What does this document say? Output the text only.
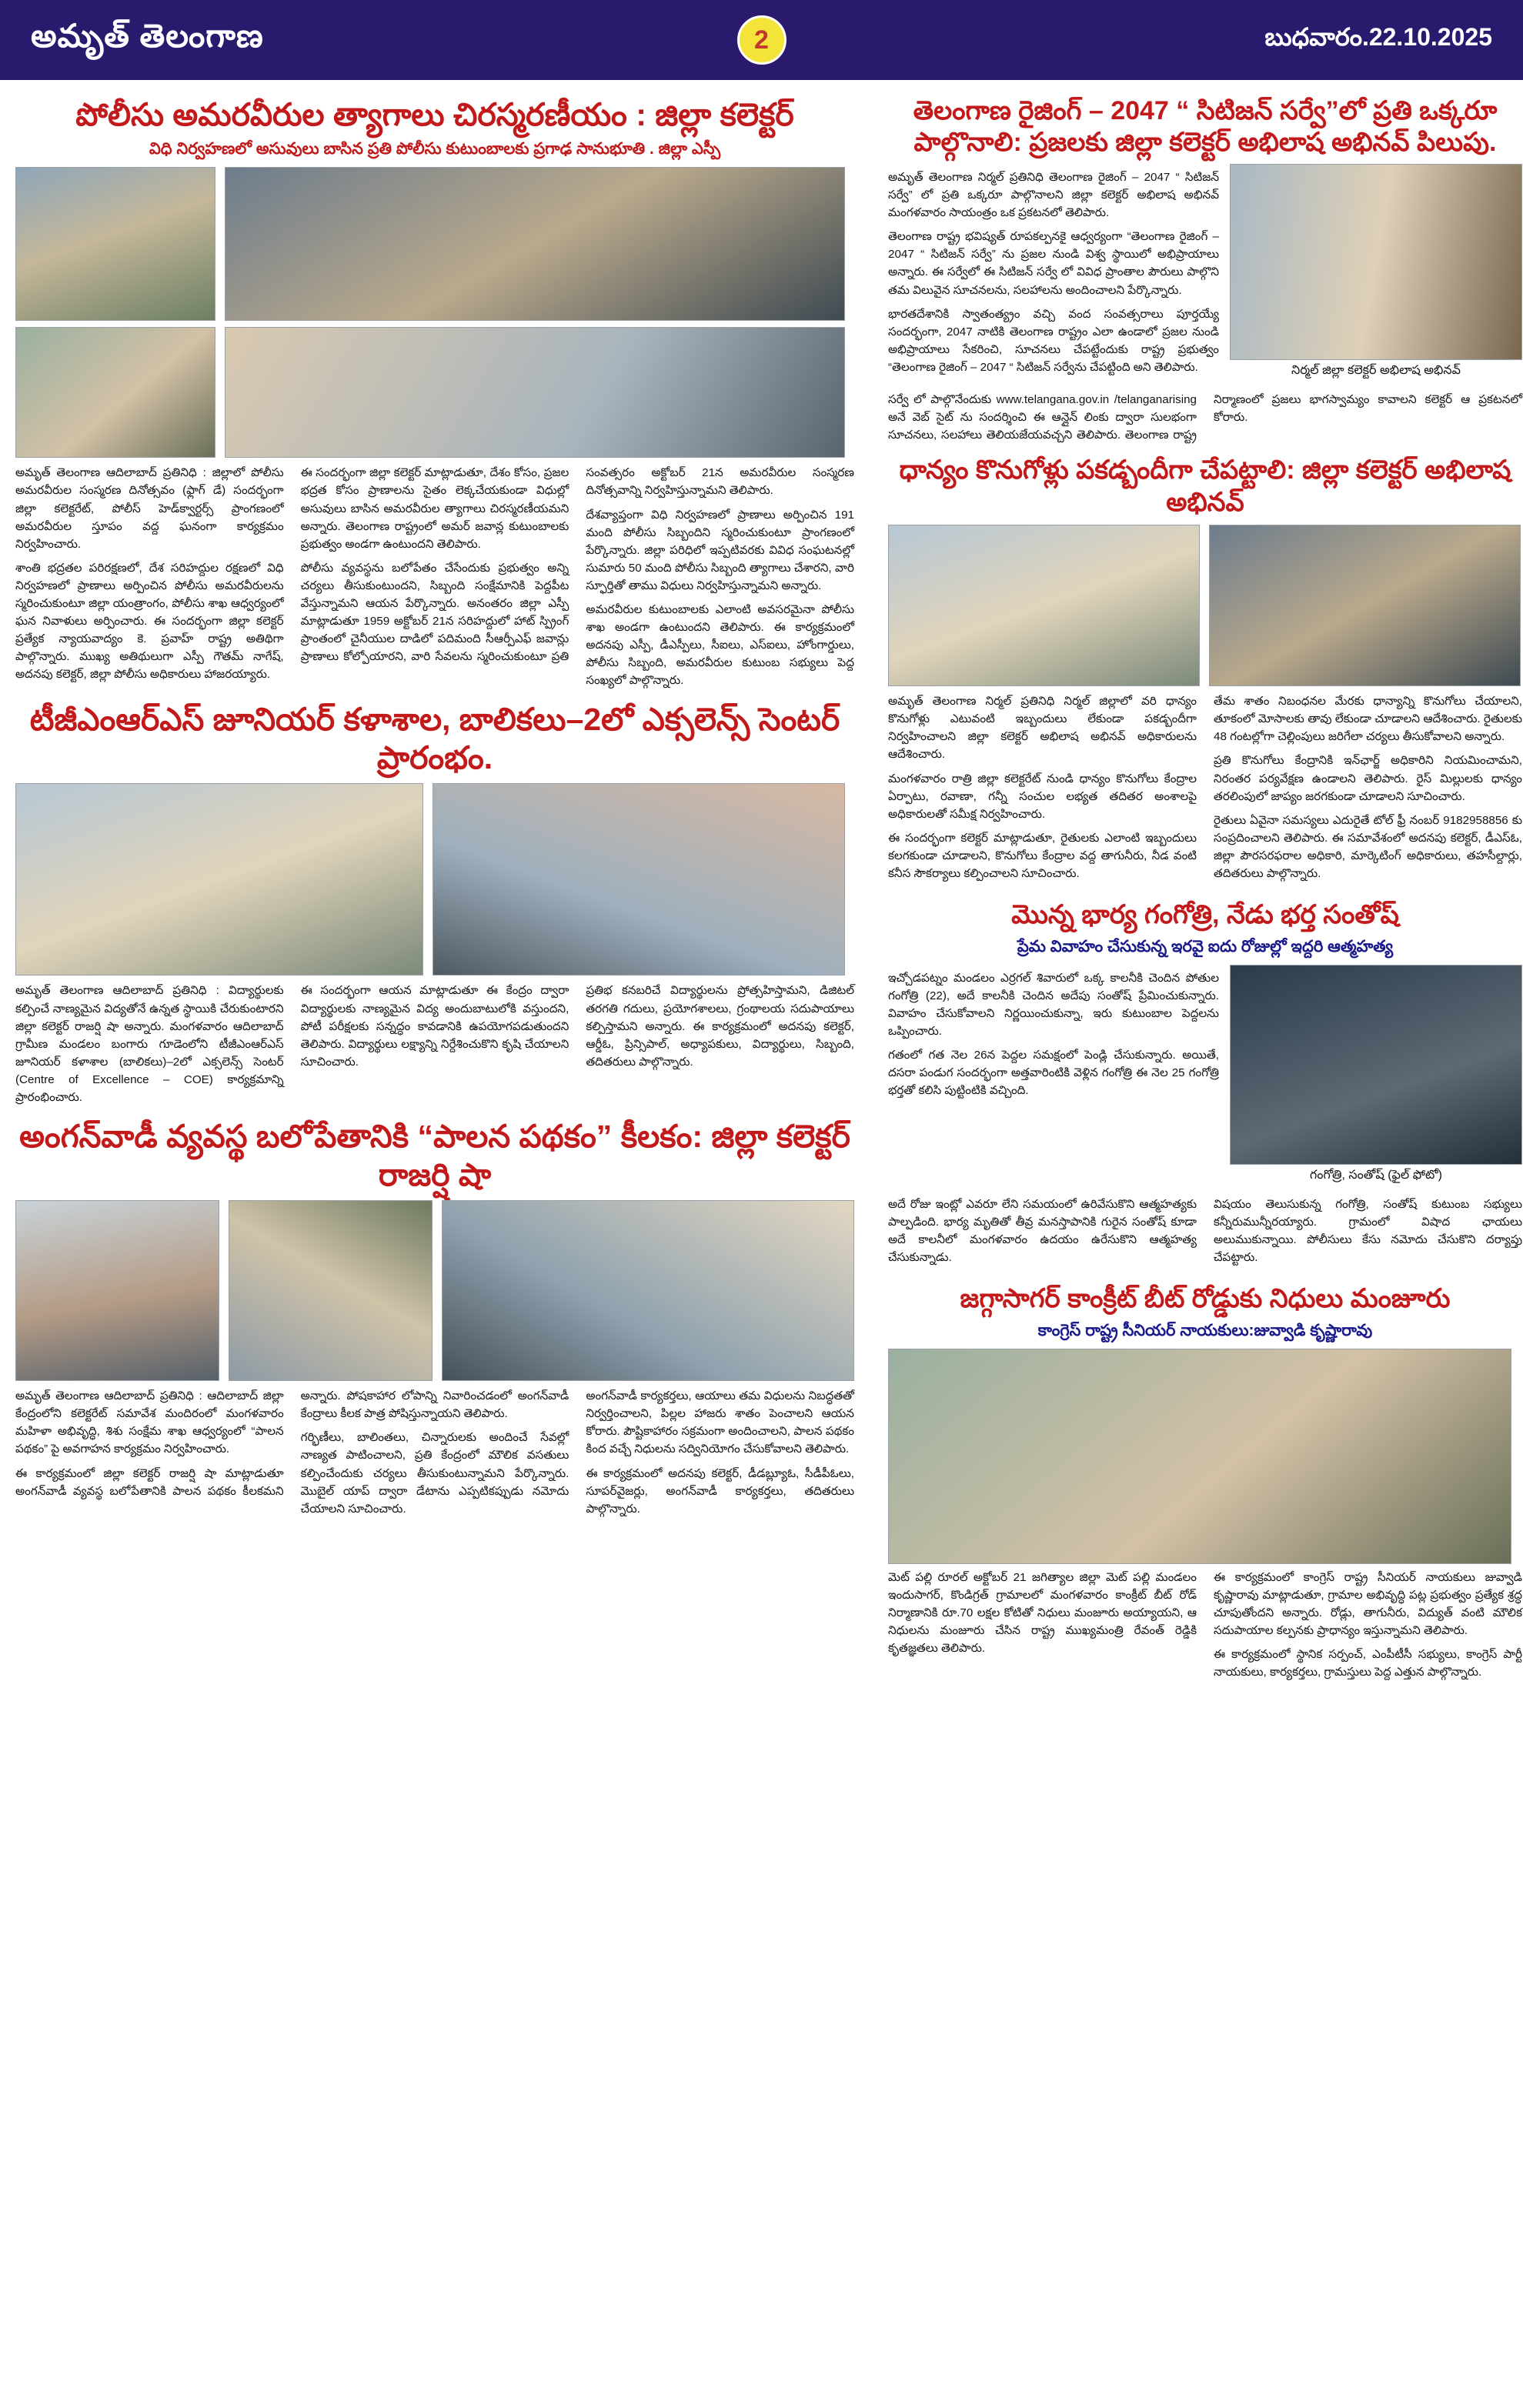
అమృత్ తెలంగాణ	2	బుధవారం.22.10.2025
పోలీసు అమరవీరుల త్యాగాలు చిరస్మరణీయం : జిల్లా కలెక్టర్
విధి నిర్వహణలో అసువులు బాసిన ప్రతి పోలీసు కుటుంబాలకు ప్రగాఢ సానుభూతి . జిల్లా ఎస్పీ

అమృత్ తెలంగాణ ఆదిలాబాద్ ప్రతినిధి : జిల్లాలో పోలీసు అమరవీరుల సంస్మరణ దినోత్సవం (ఫ్లాగ్ డే) సందర్భంగా జిల్లా కలెక్టరేట్, పోలీస్ హెడ్‌క్వార్టర్స్ ప్రాంగణంలో అమరవీరుల స్తూపం వద్ద ఘనంగా కార్యక్రమం నిర్వహించారు.

శాంతి భద్రతల పరిరక్షణలో, దేశ సరిహద్దుల రక్షణలో విధి నిర్వహణలో ప్రాణాలు అర్పించిన పోలీసు అమరవీరులను స్మరించుకుంటూ జిల్లా యంత్రాంగం, పోలీసు శాఖ ఆధ్వర్యంలో ఘన నివాళులు అర్పించారు. ఈ సందర్భంగా జిల్లా కలెక్టర్ ప్రత్యేక న్యాయవాద్యం కె. ప్రవాహ్ రాష్ట్ర అతిథిగా పాల్గొన్నారు. ముఖ్య అతిథులుగా ఎస్పీ గౌతమ్ నాగేష్, అదనపు కలెక్టర్, జిల్లా పోలీసు అధికారులు హాజరయ్యారు.

ఈ సందర్భంగా జిల్లా కలెక్టర్ మాట్లాడుతూ, దేశం కోసం, ప్రజల భద్రత కోసం ప్రాణాలను సైతం లెక్కచేయకుండా విధుల్లో అసువులు బాసిన అమరవీరుల త్యాగాలు చిరస్మరణీయమని అన్నారు. తెలంగాణ రాష్ట్రంలో అమర్ జవాన్ల కుటుంబాలకు ప్రభుత్వం అండగా ఉంటుందని తెలిపారు.

పోలీసు వ్యవస్థను బలోపేతం చేసేందుకు ప్రభుత్వం అన్ని చర్యలు తీసుకుంటుందని, సిబ్బంది సంక్షేమానికి పెద్దపీట వేస్తున్నామని ఆయన పేర్కొన్నారు. అనంతరం జిల్లా ఎస్పీ మాట్లాడుతూ 1959 అక్టోబర్ 21న సరిహద్దులో హాట్ స్ప్రింగ్ ప్రాంతంలో చైనీయుల దాడిలో పదిమంది సీఆర్పీఎఫ్ జవాన్లు ప్రాణాలు కోల్పోయారని, వారి సేవలను స్మరించుకుంటూ ప్రతి సంవత్సరం అక్టోబర్ 21న అమరవీరుల సంస్మరణ దినోత్సవాన్ని నిర్వహిస్తున్నామని తెలిపారు.

దేశవ్యాప్తంగా విధి నిర్వహణలో ప్రాణాలు అర్పించిన 191 మంది పోలీసు సిబ్బందిని స్మరించుకుంటూ ప్రాంగణంలో పేర్కొన్నారు. జిల్లా పరిధిలో ఇప్పటివరకు వివిధ సంఘటనల్లో సుమారు 50 మంది పోలీసు సిబ్బంది త్యాగాలు చేశారని, వారి స్ఫూర్తితో తాము విధులు నిర్వహిస్తున్నామని అన్నారు.

అమరవీరుల కుటుంబాలకు ఎలాంటి అవసరమైనా పోలీసు శాఖ అండగా ఉంటుందని తెలిపారు. ఈ కార్యక్రమంలో అదనపు ఎస్పీ, డీఎస్పీలు, సీఐలు, ఎస్ఐలు, హోంగార్డులు, పోలీసు సిబ్బంది, అమరవీరుల కుటుంబ సభ్యులు పెద్ద సంఖ్యలో పాల్గొన్నారు.

టీజీఎంఆర్ఎస్ జూనియర్ కళాశాల, బాలికలు–2లో ఎక్సలెన్స్ సెంటర్ ప్రారంభం.

అమృత్ తెలంగాణ ఆదిలాబాద్ ప్రతినిధి : విద్యార్థులకు కల్పించే నాణ్యమైన విద్యతోనే ఉన్నత స్థాయికి చేరుకుంటారని జిల్లా కలెక్టర్ రాజర్షి షా అన్నారు. మంగళవారం ఆదిలాబాద్ గ్రామీణ మండలం బంగారు గూడెంలోని టీజీఎంఆర్ఎస్ జూనియర్ కళాశాల (బాలికలు)–2లో ఎక్సలెన్స్ సెంటర్ (Centre of Excellence – COE) కార్యక్రమాన్ని ప్రారంభించారు.

ఈ సందర్భంగా ఆయన మాట్లాడుతూ ఈ కేంద్రం ద్వారా విద్యార్థులకు నాణ్యమైన విద్య అందుబాటులోకి వస్తుందని, పోటీ పరీక్షలకు సన్నద్ధం కావడానికి ఉపయోగపడుతుందని తెలిపారు. విద్యార్థులు లక్ష్యాన్ని నిర్దేశించుకొని కృషి చేయాలని సూచించారు.

ప్రతిభ కనబరిచే విద్యార్థులను ప్రోత్సహిస్తామని, డిజిటల్ తరగతి గదులు, ప్రయోగశాలలు, గ్రంథాలయ సదుపాయాలు కల్పిస్తామని అన్నారు. ఈ కార్యక్రమంలో అదనపు కలెక్టర్, ఆర్డీఓ, ప్రిన్సిపాల్, అధ్యాపకులు, విద్యార్థులు, సిబ్బంది, తదితరులు పాల్గొన్నారు.

అంగన్‌వాడీ వ్యవస్థ బలోపేతానికి “పాలన పథకం” కీలకం: జిల్లా కలెక్టర్ రాజర్షి షా

అమృత్ తెలంగాణ ఆదిలాబాద్ ప్రతినిధి : ఆదిలాబాద్ జిల్లా కేంద్రంలోని కలెక్టరేట్ సమావేశ మందిరంలో మంగళవారం మహిళా అభివృద్ధి, శిశు సంక్షేమ శాఖ ఆధ్వర్యంలో “పాలన పథకం” పై అవగాహన కార్యక్రమం నిర్వహించారు.

ఈ కార్యక్రమంలో జిల్లా కలెక్టర్ రాజర్షి షా మాట్లాడుతూ అంగన్‌వాడీ వ్యవస్థ బలోపేతానికి పాలన పథకం కీలకమని అన్నారు. పోషకాహార లోపాన్ని నివారించడంలో అంగన్‌వాడీ కేంద్రాలు కీలక పాత్ర పోషిస్తున్నాయని తెలిపారు.

గర్భిణీలు, బాలింతలు, చిన్నారులకు అందించే సేవల్లో నాణ్యత పాటించాలని, ప్రతి కేంద్రంలో మౌలిక వసతులు కల్పించేందుకు చర్యలు తీసుకుంటున్నామని పేర్కొన్నారు. మొబైల్ యాప్ ద్వారా డేటాను ఎప్పటికప్పుడు నమోదు చేయాలని సూచించారు.

అంగన్‌వాడీ కార్యకర్తలు, ఆయాలు తమ విధులను నిబద్ధతతో నిర్వర్తించాలని, పిల్లల హాజరు శాతం పెంచాలని ఆయన కోరారు. పౌష్టికాహారం సక్రమంగా అందించాలని, పాలన పథకం కింద వచ్చే నిధులను సద్వినియోగం చేసుకోవాలని తెలిపారు.

ఈ కార్యక్రమంలో అదనపు కలెక్టర్, డీడబ్ల్యూఓ, సీడీపీఓలు, సూపర్‌వైజర్లు, అంగన్‌వాడీ కార్యకర్తలు, తదితరులు పాల్గొన్నారు.

తెలంగాణ రైజింగ్ – 2047 “ సిటిజన్ సర్వే”లో ప్రతి ఒక్కరూ పాల్గొనాలి: ప్రజలకు జిల్లా కలెక్టర్ అభిలాష అభినవ్ పిలుపు.

అమృత్ తెలంగాణ నిర్మల్ ప్రతినిధి తెలంగాణ రైజింగ్ – 2047 “ సిటిజన్ సర్వే” లో ప్రతి ఒక్కరూ పాల్గొనాలని జిల్లా కలెక్టర్ అభిలాష అభినవ్ మంగళవారం సాయంత్రం ఒక ప్రకటనలో తెలిపారు.

తెలంగాణ రాష్ట్ర భవిష్యత్ రూపకల్పనకై ఆధ్వర్యంగా “తెలంగాణ రైజింగ్ – 2047 “ సిటిజన్ సర్వే” ను ప్రజల నుండి విశ్వ స్థాయిలో అభిప్రాయాలు అన్నారు. ఈ సర్వేలో ఈ సిటిజన్ సర్వే లో వివిధ ప్రాంతాల పౌరులు పాల్గొని తమ విలువైన సూచనలను, సలహాలను అందించాలని పేర్కొన్నారు.

భారతదేశానికి స్వాతంత్య్రం వచ్చి వంద సంవత్సరాలు పూర్తయ్యే సందర్భంగా, 2047 నాటికి తెలంగాణ రాష్ట్రం ఎలా ఉండాలో ప్రజల నుండి అభిప్రాయాలు సేకరించి, సూచనలు చేపట్టేందుకు రాష్ట్ర ప్రభుత్వం “తెలంగాణ రైజింగ్ – 2047 “ సిటిజన్ సర్వేను చేపట్టింది అని తెలిపారు.	నిర్మల్ జిల్లా కలెక్టర్ అభిలాష అభినవ్

సర్వే లో పాల్గొనేందుకు www.telangana.gov.in /telanganarising అనే వెబ్ సైట్ ను సందర్శించి ఈ ఆన్లైన్ లింకు ద్వారా సులభంగా సూచనలు, సలహాలు తెలియజేయవచ్చని తెలిపారు. తెలంగాణ రాష్ట్ర నిర్మాణంలో ప్రజలు భాగస్వామ్యం కావాలని కలెక్టర్ ఆ ప్రకటనలో కోరారు.

ధాన్యం కొనుగోళ్లు పకడ్బందీగా చేపట్టాలి: జిల్లా కలెక్టర్ అభిలాష అభినవ్

అమృత్ తెలంగాణ నిర్మల్ ప్రతినిధి నిర్మల్ జిల్లాలో వరి ధాన్యం కొనుగోళ్లు ఎటువంటి ఇబ్బందులు లేకుండా పకడ్బందీగా నిర్వహించాలని జిల్లా కలెక్టర్ అభిలాష అభినవ్ అధికారులను ఆదేశించారు.

మంగళవారం రాత్రి జిల్లా కలెక్టరేట్ నుండి ధాన్యం కొనుగోలు కేంద్రాల ఏర్పాటు, రవాణా, గన్నీ సంచుల లభ్యత తదితర అంశాలపై అధికారులతో సమీక్ష నిర్వహించారు.

ఈ సందర్భంగా కలెక్టర్ మాట్లాడుతూ, రైతులకు ఎలాంటి ఇబ్బందులు కలగకుండా చూడాలని, కొనుగోలు కేంద్రాల వద్ద తాగునీరు, నీడ వంటి కనీస సౌకర్యాలు కల్పించాలని సూచించారు.

తేమ శాతం నిబంధనల మేరకు ధాన్యాన్ని కొనుగోలు చేయాలని, తూకంలో మోసాలకు తావు లేకుండా చూడాలని ఆదేశించారు. రైతులకు 48 గంటల్లోగా చెల్లింపులు జరిగేలా చర్యలు తీసుకోవాలని అన్నారు.

ప్రతి కొనుగోలు కేంద్రానికి ఇన్‌ఛార్జ్ అధికారిని నియమించామని, నిరంతర పర్యవేక్షణ ఉండాలని తెలిపారు. రైస్ మిల్లులకు ధాన్యం తరలింపులో జాప్యం జరగకుండా చూడాలని సూచించారు.

రైతులు ఏవైనా సమస్యలు ఎదురైతే టోల్ ఫ్రీ నంబర్ 9182958856 కు సంప్రదించాలని తెలిపారు. ఈ సమావేశంలో అదనపు కలెక్టర్, డీఎస్ఓ, జిల్లా పౌరసరఫరాల అధికారి, మార్కెటింగ్ అధికారులు, తహసీల్దార్లు, తదితరులు పాల్గొన్నారు.

మొన్న భార్య గంగోత్రి, నేడు భర్త సంతోష్
ప్రేమ వివాహం చేసుకున్న ఇరవై ఐదు రోజుల్లో ఇద్దరి ఆత్మహత్య

ఇచ్చోడపట్నం మండలం ఎర్రగల్ శివారులో ఒక్క కాలనీకి చెందిన పోతుల గంగోత్రి (22), అదే కాలనీకి చెందిన అదేపు సంతోష్ ప్రేమించుకున్నారు. వివాహం చేసుకోవాలని నిర్ణయించుకున్నా, ఇరు కుటుంబాల పెద్దలను ఒప్పించారు.

గతంలో గత నెల 26న పెద్దల సమక్షంలో పెండ్లి చేసుకున్నారు. అయితే, దసరా పండుగ సందర్భంగా అత్తవారింటికి వెళ్లిన గంగోత్రి ఈ నెల 25 గంగోత్రి భర్తతో కలిసి పుట్టింటికి వచ్చింది.

గంగోత్రి, సంతోష్ (ఫైల్ ఫోటో)

అదే రోజు ఇంట్లో ఎవరూ లేని సమయంలో ఉరివేసుకొని ఆత్మహత్యకు పాల్పడింది. భార్య మృతితో తీవ్ర మనస్తాపానికి గురైన సంతోష్ కూడా అదే కాలనీలో మంగళవారం ఉదయం ఉరేసుకొని ఆత్మహత్య చేసుకున్నాడు.

విషయం తెలుసుకున్న గంగోత్రి, సంతోష్ కుటుంబ సభ్యులు కన్నీరుమున్నీరయ్యారు. గ్రామంలో విషాద ఛాయలు అలుముకున్నాయి. పోలీసులు కేసు నమోదు చేసుకొని దర్యాప్తు చేపట్టారు.

జగ్గాసాగర్ కాంక్రీట్ బీట్ రోడ్డుకు నిధులు మంజూరు
కాంగ్రెస్ రాష్ట్ర సీనియర్ నాయకులు:జువ్వాడి కృష్ణారావు

మెట్ పల్లి రూరల్ అక్టోబర్ 21 జగిత్యాల జిల్లా మెట్ పల్లి మండలం ఇందుసాగర్, కొండిగ్రత్ గ్రామాలలో మంగళవారం కాంక్రీట్ బీట్ రోడ్ నిర్మాణానికి రూ.70 లక్షల కోటితో నిధులు మంజూరు అయ్యాయని, ఆ నిధులను మంజూరు చేసిన రాష్ట్ర ముఖ్యమంత్రి రేవంత్ రెడ్డికి కృతజ్ఞతలు తెలిపారు.

ఈ కార్యక్రమంలో కాంగ్రెస్ రాష్ట్ర సీనియర్ నాయకులు జువ్వాడి కృష్ణారావు మాట్లాడుతూ, గ్రామాల అభివృద్ధి పట్ల ప్రభుత్వం ప్రత్యేక శ్రద్ధ చూపుతోందని అన్నారు. రోడ్లు, తాగునీరు, విద్యుత్ వంటి మౌలిక సదుపాయాల కల్పనకు ప్రాధాన్యం ఇస్తున్నామని తెలిపారు.

ఈ కార్యక్రమంలో స్థానిక సర్పంచ్, ఎంపీటీసీ సభ్యులు, కాంగ్రెస్ పార్టీ నాయకులు, కార్యకర్తలు, గ్రామస్తులు పెద్ద ఎత్తున పాల్గొన్నారు.
